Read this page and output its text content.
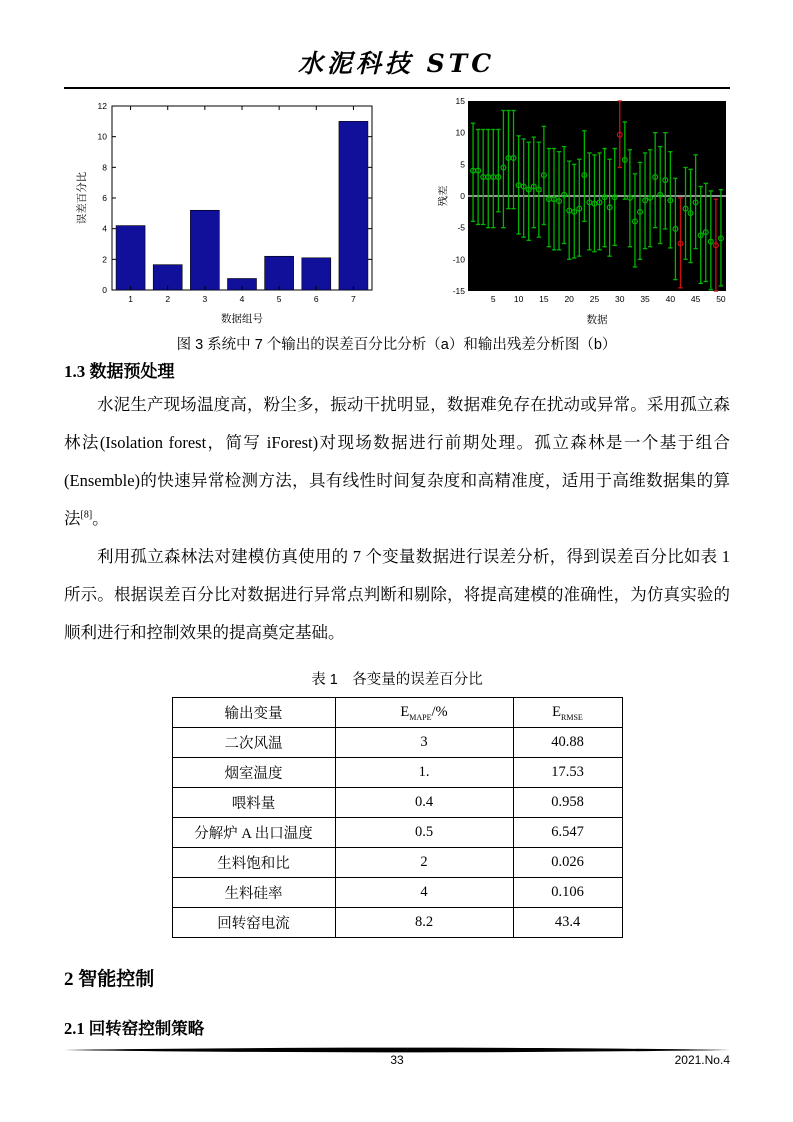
水泥科技 STC
0
2
4
6
8
10
12
1	2	3	4	5	6	7
数据组号
误差百分比
-15
-10
-5
0
5
10
15
5 10 15 20 25 30 35 40 45 50
数据
残差
图 3 系统中 7 个输出的误差百分比分析（a）和输出残差分析图（b）
1.3 数据预处理

水泥生产现场温度高，粉尘多，振动干扰明显，数据难免存在扰动或异常。采用孤立森林法(Isolation forest，简写 iForest)对现场数据进行前期处理。孤立森林是一个基于组合(Ensemble)的快速异常检测方法，具有线性时间复杂度和高精准度，适用于高维数据集的算法[8]。

利用孤立森林法对建模仿真使用的 7 个变量数据进行误差分析，得到误差百分比如表 1 所示。根据误差百分比对数据进行异常点判断和剔除，将提高建模的准确性，为仿真实验的顺利进行和控制效果的提高奠定基础。

表 1　各变量的误差百分比
输出变量	$E_{MAPE}/\%$	$E_{RMSE}$
二次风温	3	40.88
烟室温度	1.	17.53
喂料量	0.4	0.958
分解炉 A 出口温度	0.5	6.547
生料饱和比	2	0.026
生料硅率	4	0.106
回转窑电流	8.2	43.4
2 智能控制
2.1 回转窑控制策略
33	2021.No.4
